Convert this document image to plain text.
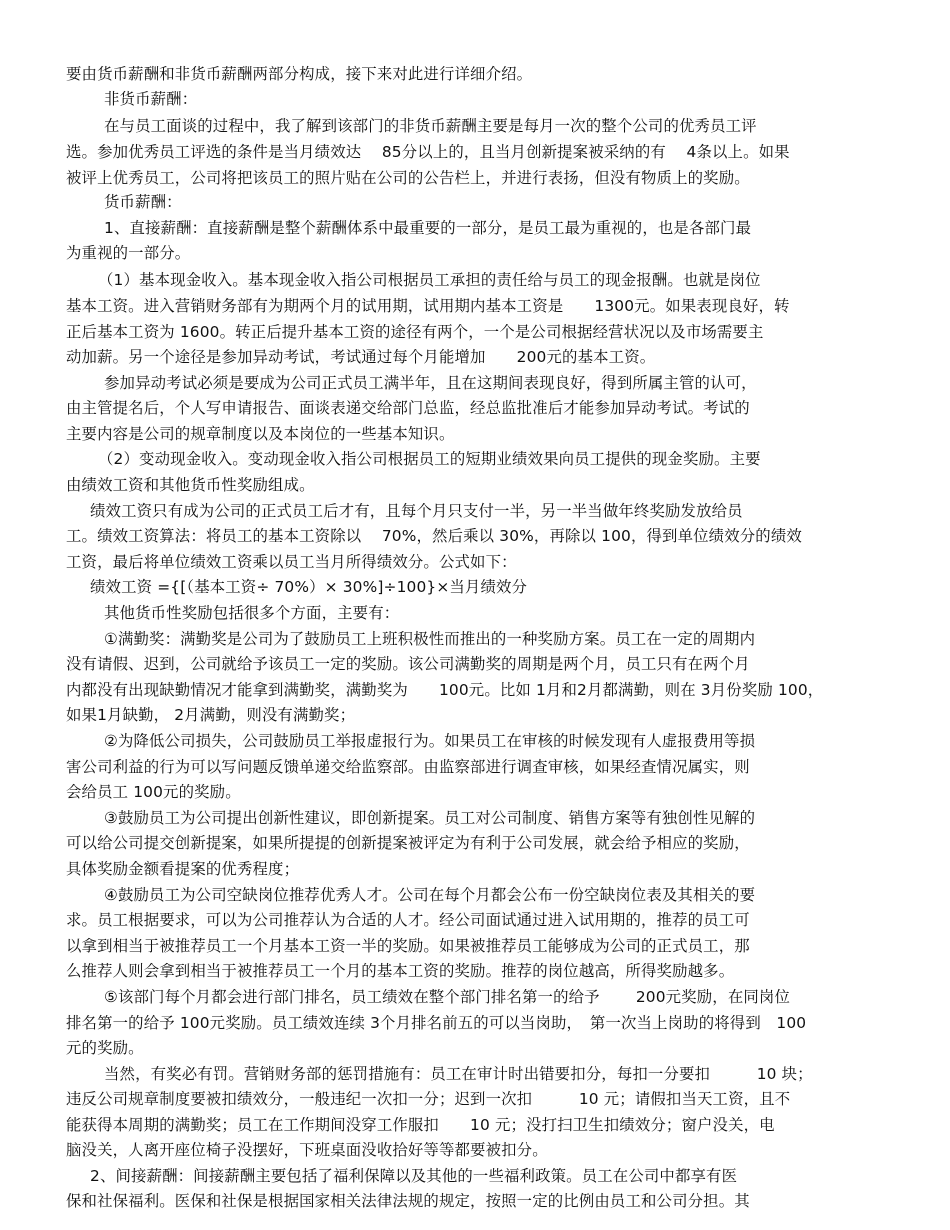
要由货币薪酬和非货币薪酬两部分构成，接下来对此进行详细介绍。
非货币薪酬：
在与员工面谈的过程中，我了解到该部门的非货币薪酬主要是每月一次的整个公司的优秀员工评
选。参加优秀员工评选的条件是当月绩效达　 85分以上的，且当月创新提案被采纳的有　 4条以上。如果
被评上优秀员工，公司将把该员工的照片贴在公司的公告栏上，并进行表扬，但没有物质上的奖励。
货币薪酬：
1、直接薪酬：直接薪酬是整个薪酬体系中最重要的一部分，是员工最为重视的，也是各部门最
为重视的一部分。
（1）基本现金收入。基本现金收入指公司根据员工承担的责任给与员工的现金报酬。也就是岗位
基本工资。进入营销财务部有为期两个月的试用期，试用期内基本工资是　　1300元。如果表现良好，转
正后基本工资为 1600。转正后提升基本工资的途径有两个，一个是公司根据经营状况以及市场需要主
动加薪。另一个途径是参加异动考试，考试通过每个月能增加　　200元的基本工资。
参加异动考试必须是要成为公司正式员工满半年，且在这期间表现良好，得到所属主管的认可，
由主管提名后，个人写申请报告、面谈表递交给部门总监，经总监批准后才能参加异动考试。考试的
主要内容是公司的规章制度以及本岗位的一些基本知识。
（2）变动现金收入。变动现金收入指公司根据员工的短期业绩效果向员工提供的现金奖励。主要
由绩效工资和其他货币性奖励组成。
绩效工资只有成为公司的正式员工后才有，且每个月只支付一半，另一半当做年终奖励发放给员
工。绩效工资算法：将员工的基本工资除以　 70%，然后乘以 30%，再除以 100，得到单位绩效分的绩效
工资，最后将单位绩效工资乘以员工当月所得绩效分。公式如下：
绩效工资 ={[（基本工资÷ 70%）× 30%]÷100}×当月绩效分
其他货币性奖励包括很多个方面，主要有：
①满勤奖：满勤奖是公司为了鼓励员工上班积极性而推出的一种奖励方案。员工在一定的周期内
没有请假、迟到，公司就给予该员工一定的奖励。该公司满勤奖的周期是两个月，员工只有在两个月
内都没有出现缺勤情况才能拿到满勤奖，满勤奖为　　100元。比如 1月和2月都满勤，则在 3月份奖励 100，
如果1月缺勤， 2月满勤，则没有满勤奖；
②为降低公司损失，公司鼓励员工举报虚报行为。如果员工在审核的时候发现有人虚报费用等损
害公司利益的行为可以写问题反馈单递交给监察部。由监察部进行调查审核，如果经查情况属实，则
会给员工 100元的奖励。
③鼓励员工为公司提出创新性建议，即创新提案。员工对公司制度、销售方案等有独创性见解的
可以给公司提交创新提案，如果所提提的创新提案被评定为有利于公司发展，就会给予相应的奖励，
具体奖励金额看提案的优秀程度；
④鼓励员工为公司空缺岗位推荐优秀人才。公司在每个月都会公布一份空缺岗位表及其相关的要
求。员工根据要求，可以为公司推荐认为合适的人才。经公司面试通过进入试用期的，推荐的员工可
以拿到相当于被推荐员工一个月基本工资一半的奖励。如果被推荐员工能够成为公司的正式员工，那
么推荐人则会拿到相当于被推荐员工一个月的基本工资的奖励。推荐的岗位越高，所得奖励越多。
⑤该部门每个月都会进行部门排名，员工绩效在整个部门排名第一的给予　　 200元奖励，在同岗位
排名第一的给予 100元奖励。员工绩效连续 3个月排名前五的可以当岗助，　第一次当上岗助的将得到　100
元的奖励。
当然，有奖必有罚。营销财务部的惩罚措施有：员工在审计时出错要扣分，每扣一分要扣　　　10 块；
违反公司规章制度要被扣绩效分，一般违纪一次扣一分；迟到一次扣　　　10 元；请假扣当天工资，且不
能获得本周期的满勤奖；员工在工作期间没穿工作服扣　　10 元；没打扫卫生扣绩效分；窗户没关，电
脑没关，人离开座位椅子没摆好，下班桌面没收拾好等等都要被扣分。
2、间接薪酬：间接薪酬主要包括了福利保障以及其他的一些福利政策。员工在公司中都享有医
保和社保福利。医保和社保是根据国家相关法律法规的规定，按照一定的比例由员工和公司分担。其
